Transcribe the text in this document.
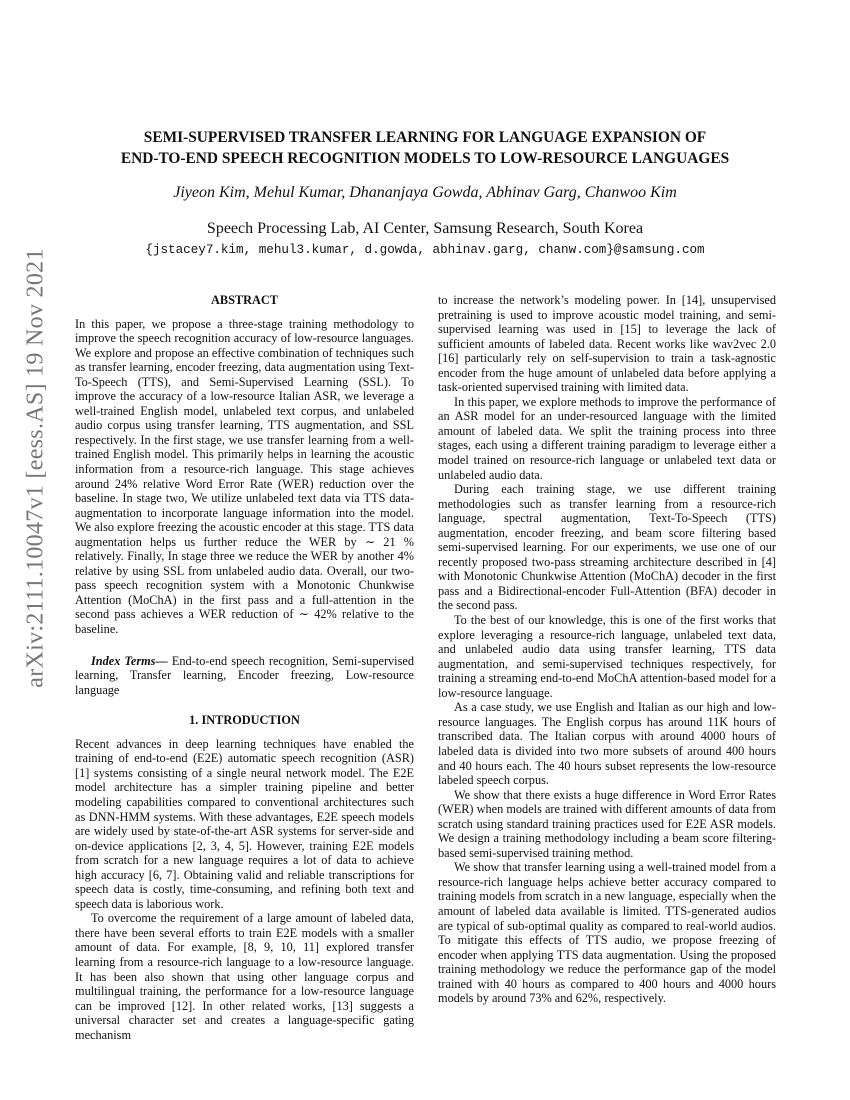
arXiv:2111.10047v1 [eess.AS] 19 Nov 2021
SEMI-SUPERVISED TRANSFER LEARNING FOR LANGUAGE EXPANSION OF
END-TO-END SPEECH RECOGNITION MODELS TO LOW-RESOURCE LANGUAGES
Jiyeon Kim, Mehul Kumar, Dhananjaya Gowda, Abhinav Garg, Chanwoo Kim
Speech Processing Lab, AI Center, Samsung Research, South Korea
{jstacey7.kim, mehul3.kumar, d.gowda, abhinav.garg, chanw.com}@samsung.com
ABSTRACT

In this paper, we propose a three-stage training methodology to improve the speech recognition accuracy of low-resource languages. We explore and propose an effective combination of techniques such as transfer learning, encoder freezing, data augmentation using Text-To-Speech (TTS), and Semi-Supervised Learning (SSL). To improve the accuracy of a low-resource Italian ASR, we leverage a well-trained English model, unlabeled text corpus, and unlabeled audio corpus using transfer learning, TTS augmentation, and SSL respectively. In the first stage, we use transfer learning from a well-trained English model. This primarily helps in learning the acoustic information from a resource-rich language. This stage achieves around 24% relative Word Error Rate (WER) reduction over the baseline. In stage two, We utilize unlabeled text data via TTS data-augmentation to incorporate language information into the model. We also explore freezing the acoustic encoder at this stage. TTS data augmentation helps us further reduce the WER by ∼ 21 % relatively. Finally, In stage three we reduce the WER by another 4% relative by using SSL from unlabeled audio data. Overall, our two-pass speech recognition system with a Monotonic Chunkwise Attention (MoChA) in the first pass and a full-attention in the second pass achieves a WER reduction of ∼ 42% relative to the baseline.

Index Terms— End-to-end speech recognition, Semi-supervised learning, Transfer learning, Encoder freezing, Low-resource language

1. INTRODUCTION

Recent advances in deep learning techniques have enabled the training of end-to-end (E2E) automatic speech recognition (ASR) [1] systems consisting of a single neural network model. The E2E model architecture has a simpler training pipeline and better modeling capabilities compared to conventional architectures such as DNN-HMM systems. With these advantages, E2E speech models are widely used by state-of-the-art ASR systems for server-side and on-device applications [2, 3, 4, 5]. However, training E2E models from scratch for a new language requires a lot of data to achieve high accuracy [6, 7]. Obtaining valid and reliable transcriptions for speech data is costly, time-consuming, and refining both text and speech data is laborious work.

To overcome the requirement of a large amount of labeled data, there have been several efforts to train E2E models with a smaller amount of data. For example, [8, 9, 10, 11] explored transfer learning from a resource-rich language to a low-resource language. It has been also shown that using other language corpus and multilingual training, the performance for a low-resource language can be improved [12]. In other related works, [13] suggests a universal character set and creates a language-specific gating mechanism

to increase the network’s modeling power. In [14], unsupervised pretraining is used to improve acoustic model training, and semi-supervised learning was used in [15] to leverage the lack of sufficient amounts of labeled data. Recent works like wav2vec 2.0 [16] particularly rely on self-supervision to train a task-agnostic encoder from the huge amount of unlabeled data before applying a task-oriented supervised training with limited data.

In this paper, we explore methods to improve the performance of an ASR model for an under-resourced language with the limited amount of labeled data. We split the training process into three stages, each using a different training paradigm to leverage either a model trained on resource-rich language or unlabeled text data or unlabeled audio data.

During each training stage, we use different training methodologies such as transfer learning from a resource-rich language, spectral augmentation, Text-To-Speech (TTS) augmentation, encoder freezing, and beam score filtering based semi-supervised learning. For our experiments, we use one of our recently proposed two-pass streaming architecture described in [4] with Monotonic Chunkwise Attention (MoChA) decoder in the first pass and a Bidirectional-encoder Full-Attention (BFA) decoder in the second pass.

To the best of our knowledge, this is one of the first works that explore leveraging a resource-rich language, unlabeled text data, and unlabeled audio data using transfer learning, TTS data augmentation, and semi-supervised techniques respectively, for training a streaming end-to-end MoChA attention-based model for a low-resource language.

As a case study, we use English and Italian as our high and low-resource languages. The English corpus has around 11K hours of transcribed data. The Italian corpus with around 4000 hours of labeled data is divided into two more subsets of around 400 hours and 40 hours each. The 40 hours subset represents the low-resource labeled speech corpus.

We show that there exists a huge difference in Word Error Rates (WER) when models are trained with different amounts of data from scratch using standard training practices used for E2E ASR models. We design a training methodology including a beam score filtering-based semi-supervised training method.

We show that transfer learning using a well-trained model from a resource-rich language helps achieve better accuracy compared to training models from scratch in a new language, especially when the amount of labeled data available is limited. TTS-generated audios are typical of sub-optimal quality as compared to real-world audios. To mitigate this effects of TTS audio, we propose freezing of encoder when applying TTS data augmentation. Using the proposed training methodology we reduce the performance gap of the model trained with 40 hours as compared to 400 hours and 4000 hours models by around 73% and 62%, respectively.
